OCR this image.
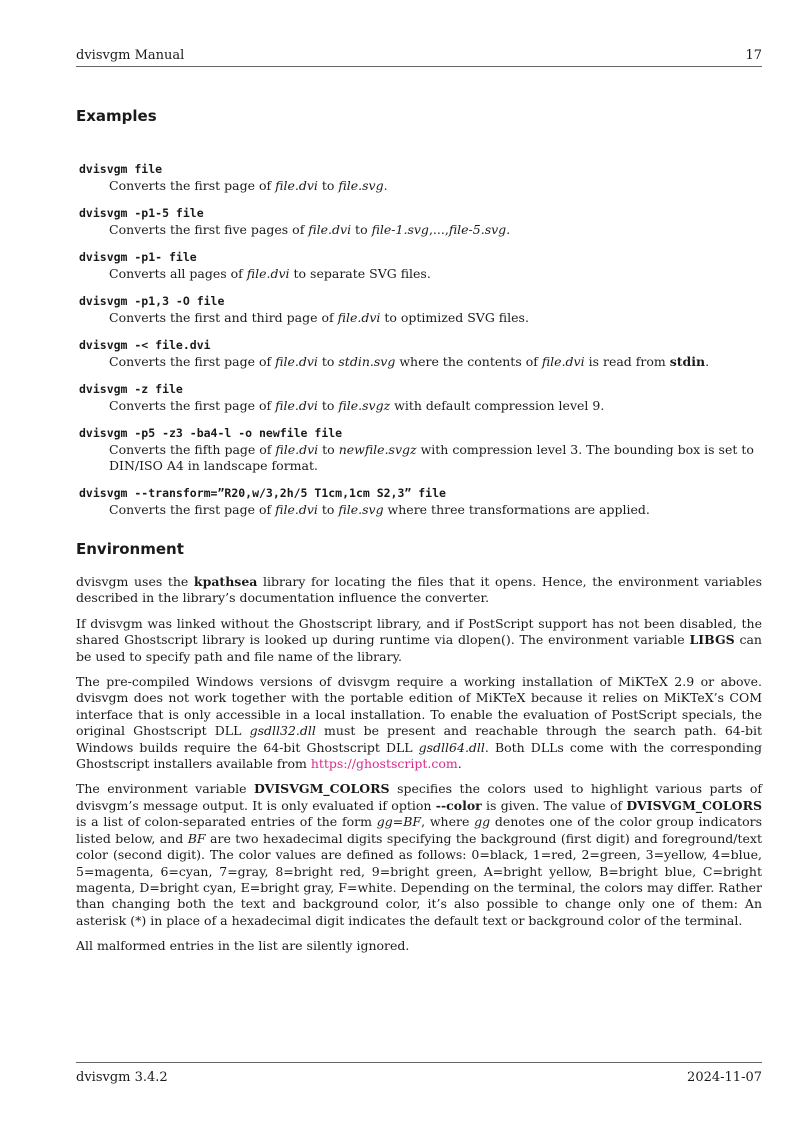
dvisvgm Manual	17
Examples
dvisvgm file
Converts the first page of file.dvi to file.svg.
dvisvgm -p1-5 file
Converts the first five pages of file.dvi to file-1.svg,...,file-5.svg.
dvisvgm -p1- file
Converts all pages of file.dvi to separate SVG files.
dvisvgm -p1,3 -O file
Converts the first and third page of file.dvi to optimized SVG files.
dvisvgm -< file.dvi
Converts the first page of file.dvi to stdin.svg where the contents of file.dvi is read from stdin.
dvisvgm -z file
Converts the first page of file.dvi to file.svgz with default compression level 9.
dvisvgm -p5 -z3 -ba4-l -o newfile file
Converts the fifth page of file.dvi to newfile.svgz with compression level 3. The bounding box is set to DIN/ISO A4 in landscape format.
dvisvgm --transform=”R20,w/3,2h/5 T1cm,1cm S2,3” file
Converts the first page of file.dvi to file.svg where three transformations are applied.
Environment

dvisvgm uses the kpathsea library for locating the files that it opens. Hence, the environment variables described in the library’s documentation influence the converter.

If dvisvgm was linked without the Ghostscript library, and if PostScript support has not been disabled, the shared Ghostscript library is looked up during runtime via dlopen(). The environment variable LIBGS can be used to specify path and file name of the library.

The pre-compiled Windows versions of dvisvgm require a working installation of MiKTeX 2.9 or above. dvisvgm does not work together with the portable edition of MiKTeX because it relies on MiKTeX’s COM interface that is only accessible in a local installation. To enable the evaluation of PostScript specials, the original Ghostscript DLL gsdll32.dll must be present and reachable through the search path. 64-bit Windows builds require the 64-bit Ghostscript DLL gsdll64.dll. Both DLLs come with the corresponding Ghostscript installers available from https://ghostscript.com.

The environment variable DVISVGM_COLORS specifies the colors used to highlight various parts of dvisvgm’s message output. It is only evaluated if option --color is given. The value of DVISVGM_COLORS is a list of colon-separated entries of the form gg=BF, where gg denotes one of the color group indicators listed below, and BF are two hexadecimal digits specifying the background (first digit) and foreground/text color (second digit). The color values are defined as follows: 0=black, 1=red, 2=green, 3=yellow, 4=blue, 5=magenta, 6=cyan, 7=gray, 8=bright red, 9=bright green, A=bright yellow, B=bright blue, C=bright magenta, D=bright cyan, E=bright gray, F=white. Depending on the terminal, the colors may differ. Rather than changing both the text and background color, it’s also possible to change only one of them: An asterisk (*) in place of a hexadecimal digit indicates the default text or background color of the terminal.

All malformed entries in the list are silently ignored.

dvisvgm 3.4.2	2024-11-07
